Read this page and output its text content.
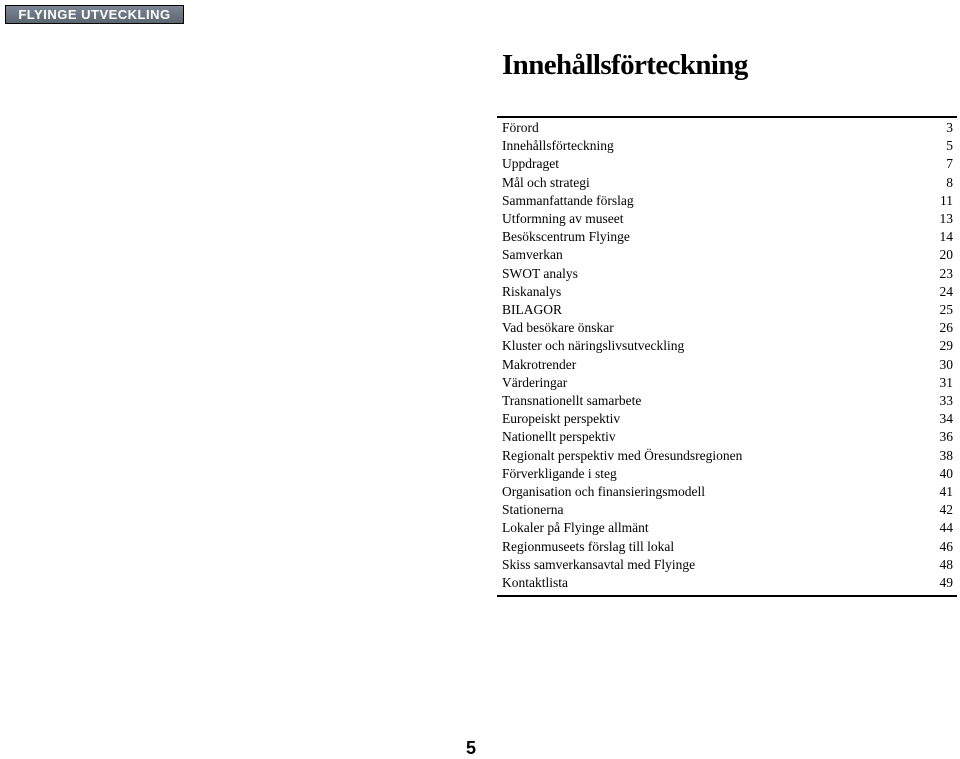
FLYINGE UTVECKLING
Innehållsförteckning
Förord	3
Innehållsförteckning	5
Uppdraget	7
Mål och strategi	8
Sammanfattande förslag	11
Utformning av museet	13
Besökscentrum Flyinge	14
Samverkan	20
SWOT analys	23
Riskanalys	24
BILAGOR	25
Vad besökare önskar	26
Kluster och näringslivsutveckling	29
Makrotrender	30
Värderingar	31
Transnationellt samarbete	33
Europeiskt perspektiv	34
Nationellt perspektiv	36
Regionalt perspektiv med Öresundsregionen	38
Förverkligande i steg	40
Organisation och finansieringsmodell	41
Stationerna	42
Lokaler på Flyinge allmänt	44
Regionmuseets förslag till lokal	46
Skiss samverkansavtal med Flyinge	48
Kontaktlista	49
5
